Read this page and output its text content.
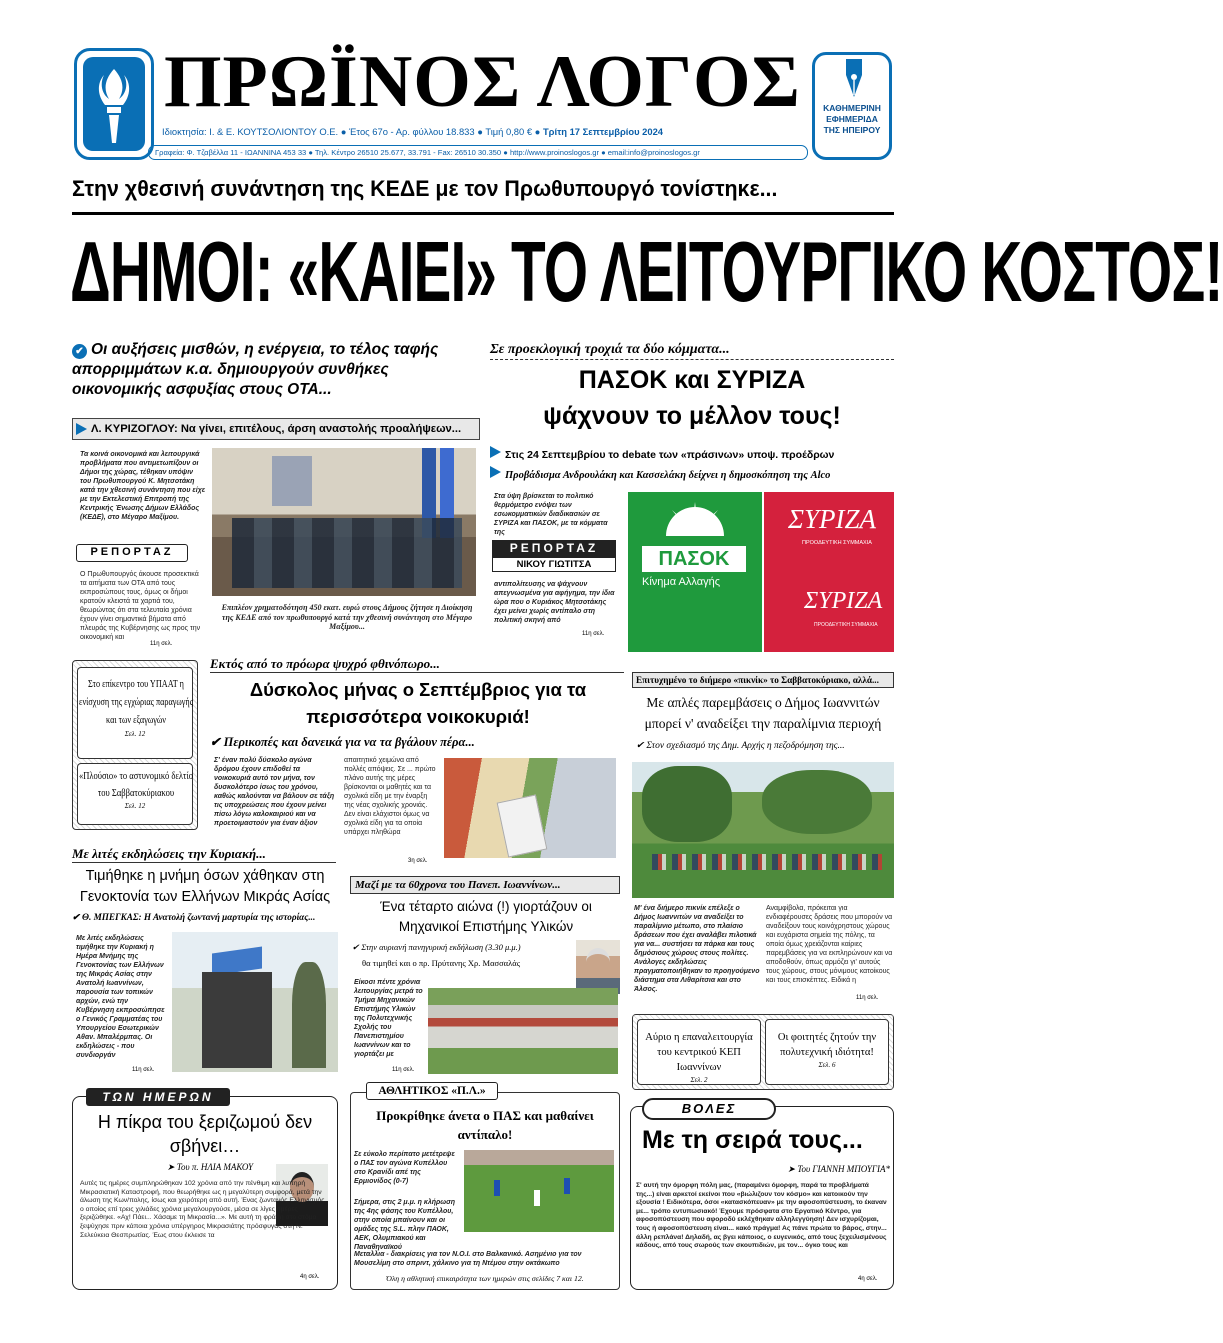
ΠΡΩΪΝΟΣ ΛΟΓΟΣ
Ιδιοκτησία: Ι. & Ε. ΚΟΥΤΣΟΛΙΟΝΤΟΥ Ο.Ε. ● Έτος 67ο - Αρ. φύλλου 18.833 ● Τιμή 0,80 € ● Τρίτη 17 Σεπτεμβρίου 2024
Γραφεία: Φ. Τζαβέλλα 11 - ΙΩΑΝΝΙΝΑ 453 33 ● Τηλ. Κέντρο 26510 25.677, 33.791 - Fax: 26510 30.350 ● http://www.proinoslogos.gr ● email:info@proinoslogos.gr
ΚΑΘΗΜΕΡΙΝΗ ΕΦΗΜΕΡΙΔΑ ΤΗΣ ΗΠΕΙΡΟΥ
Στην χθεσινή συνάντηση της ΚΕΔΕ με τον Πρωθυπουργό τονίστηκε...
ΔΗΜΟΙ: «ΚΑΙΕΙ» ΤΟ ΛΕΙΤΟΥΡΓΙΚΟ ΚΟΣΤΟΣ!
✔ Οι αυξήσεις μισθών, η ενέργεια, το τέλος ταφής απορριμμάτων κ.α. δημιουργούν συνθήκες οικονομικής ασφυξίας στους ΟΤΑ...
Λ. ΚΥΡΙΖΟΓΛΟΥ: Να γίνει, επιτέλους, άρση αναστολής προαλήψεων...
Τα κοινά οικονομικά και λειτουργικά προβλήματα που αντιμετωπίζουν οι Δήμοι της χώρας, τέθηκαν υπόψιν του Πρωθυπουργού Κ. Μητσοτάκη κατά την χθεσινή συνάντηση που είχε με την Εκτελεστική Επιτροπή της Κεντρικής Ένωσης Δήμων Ελλάδος (ΚΕΔΕ), στο Μέγαρο Μαξίμου.
ΡΕΠΟΡΤΑΖ
Ο Πρωθυπουργός άκουσε προσεκτικά τα αιτήματα των ΟΤΑ από τους εκπροσώπους τους, όμως οι δήμοι κρατούν κλειστά τα χαρτιά του, θεωρώντας ότι στα τελευταία χρόνια έχουν γίνει σημαντικά βήματα από πλευράς της Κυβέρνησης ως προς την οικονομική και
11η σελ.
Επιπλέον χρηματοδότηση 450 εκατ. ευρώ στους Δήμους ζήτησε η Διοίκηση της ΚΕΔΕ από τον πρωθυπουργό κατά την χθεσινή συνάντηση στο Μέγαρο Μαξίμου...
Σε προεκλογική τροχιά τα δύο κόμματα...
ΠΑΣΟΚ και ΣΥΡΙΖΑ
ψάχνουν το μέλλον τους!
Στις 24 Σεπτεμβρίου το debate των «πράσινων» υποψ. προέδρων
Προβάδισμα Ανδρουλάκη και Κασσελάκη δείχνει η δημοσκόπηση της Alco
Στα ύψη βρίσκεται το πολιτικό θερμόμετρο ενόψει των εσωκομματικών διαδικασιών σε ΣΥΡΙΖΑ και ΠΑΣΟΚ, με τα κόμματα της
ΡΕΠΟΡΤΑΖ
ΝΙΚΟΥ ΓΙΩΤΙΤΣΑ
αντιπολίτευσης να ψάχνουν απεγνωσμένα για αφήγημα, την ίδια ώρα που ο Κυριάκος Μητσοτάκης έχει μείνει χωρίς αντίπαλο στη πολιτική σκηνή από
11η σελ.
ΠΑΣΟΚ
Κίνημα Αλλαγής
ΣΥΡΙΖΑ
ΠΡΟΟΔΕΥΤΙΚΗ ΣΥΜΜΑΧΙΑ
ΣΥΡΙΖΑ
ΠΡΟΟΔΕΥΤΙΚΗ ΣΥΜΜΑΧΙΑ
Στο επίκεντρο του ΥΠΑΑΤ η ενίσχυση της εγχώριας παραγωγής και των εξαγωγών
Σελ. 12
«Πλούσιο» το αστυνομικό δελτίο του Σαββατοκύριακου
Σελ. 12
Εκτός από το πρόωρα ψυχρό φθινόπωρο...
Δύσκολος μήνας ο Σεπτέμβριος για τα περισσότερα νοικοκυριά!
✔ Περικοπές και δανεικά για να τα βγάλουν πέρα...
Σ' έναν πολύ δύσκολο αγώνα δρόμου έχουν επιδοθεί τα νοικοκυριά αυτό τον μήνα, τον δυσκολότερο ίσως του χρόνου, καθώς καλούνται να βάλουν σε τάξη τις υποχρεώσεις που έχουν μείνει πίσω λόγω καλοκαιριού και να προετοιμαστούν για έναν άξιον
απαιτητικό χειμώνα από πολλές απόψεις. Σε ... πρώτο πλάνο αυτής της μέρες βρίσκονται οι μαθητές και τα σχολικά είδη με την έναρξη της νέας σχολικής χρονιάς. Δεν είναι ελάχιστοι όμως να σχολικά είδη για τα οποία υπάρχει πληθώρα
3η σελ.
Επιτυχημένο το διήμερο «πικνίκ» το Σαββατοκύριακο, αλλά...
Με απλές παρεμβάσεις ο Δήμος Ιωαννιτών μπορεί ν' αναδείξει την παραλίμνια περιοχή
✔ Στον σχεδιασμό της Δημ. Αρχής η πεζοδρόμηση της...
Μ' ένα διήμερο πικνίκ επέλεξε ο Δήμος Ιωαννιτών να αναδείξει το παραλίμνιο μέτωπο, στο πλαίσιο δράσεων που έχει αναλάβει πιλοτικά για να... συστήσει τα πάρκα και τους δημόσιους χώρους στους πολίτες. Ανάλογες εκδηλώσεις πραγματοποιήθηκαν το προηγούμενο διάστημα στα Λιθαρίτσια και στο Άλσος.
Αναμφίβολα, πρόκειται για ενδιαφέρουσες δράσεις που μπορούν να αναδείξουν τους κοινόχρηστους χώρους και ευχάριστα σημεία της πόλης, τα οποία όμως χρειάζονται καίριες παρεμβάσεις για να εκπληρώνουν και να αποδοθούν, όπως αρμόζει γι' αυτούς τους χώρους, στους μόνιμους κατοίκους και τους επισκέπτες. Ειδικά η
11η σελ.
Με λιτές εκδηλώσεις την Κυριακή...
Τιμήθηκε η μνήμη όσων χάθηκαν στη Γενοκτονία των Ελλήνων Μικράς Ασίας
✔ Θ. ΜΠΕΓΚΑΣ: Η Ανατολή ζωντανή μαρτυρία της ιστορίας...
Με λιτές εκδηλώσεις τιμήθηκε την Κυριακή η Ημέρα Μνήμης της Γενοκτονίας των Ελλήνων της Μικράς Ασίας στην Ανατολή Ιωαννίνων, παρουσία των τοπικών αρχών, ενώ την Κυβέρνηση εκπροσώπησε ο Γενικός Γραμματέας του Υπουργείου Εσωτερικών Αθαν. Μπαλέρμπας. Οι εκδηλώσεις - που συνδιοργάν
11η σελ.
Μαζί με τα 60χρονα του Πανεπ. Ιωαννίνων...
Ένα τέταρτο αιώνα (!) γιορτάζουν οι Μηχανικοί Επιστήμης Υλικών
✔ Στην αυριανή πανηγυρική εκδήλωση (3.30 μ.μ.)
θα τιμηθεί και ο πρ. Πρύτανης Χρ. Μασσαλάς
Είκοσι πέντε χρόνια λειτουργίας μετρά το Τμήμα Μηχανικών Επιστήμης Υλικών της Πολυτεχνικής Σχολής του Πανεπιστημίου Ιωαννίνων και το γιορτάζει με
11η σελ.
Αύριο η επαναλειτουργία του κεντρικού ΚΕΠ Ιωαννίνων
Σελ. 2
Οι φοιτητές ζητούν την πολυτεχνική ιδιότητα!
Σελ. 6
ΤΩΝ ΗΜΕΡΩΝ
Η πίκρα του ξεριζωμού δεν σβήνει…
➤ Του π. ΗΛΙΑ ΜΑΚΟΥ
Αυτές τις ημέρες συμπληρώθηκαν 102 χρόνια από την πένθιμη και λυπηρή Μικρασιατική Καταστροφή, που θεωρήθηκε ως η μεγαλύτερη συμφορά, μετά την άλωση της Κων/πολης, ίσως και χειρότερη από αυτή. Ένας ζωντανός Ελληνισμός, ο οποίος επί τρεις χιλιάδες χρόνια μεγαλουργούσε, μέσα σε λίγες ημέρες ξεριζώθηκε. «Αχ! Πάει... Χάσαμε τη Μικρασία...». Με αυτή τη φράση στο στόμα ξεψύχησε πριν κάποια χρόνια υπέργηρος Μικρασιάτης πρόσφυγας στη Ν. Σελεύκεια Θεσπρωτίας. Έως στου έκλεισε τα
4η σελ.
ΑΘΛΗΤΙΚΟΣ «Π.Λ.»
Προκρίθηκε άνετα ο ΠΑΣ και μαθαίνει αντίπαλο!
Σε εύκολο περίπατο μετέτρεψε ο ΠΑΣ τον αγώνα Κυπέλλου στο Κρανίδι απέ της Ερμιονίδος (0-7)
Σήμερα, στις 2 μ.μ. η κλήρωση της 4ης φάσης του Κυπέλλου, στην οποία μπαίνουν και οι ομάδες της S.L. πλην ΠΑΟΚ, ΑΕΚ, Ολυμπιακού και Παναθηναϊκού
Μεταλλια - διακρίσεις για τον Ν.Ο.Ι. στο Βαλκανικό. Ασημένιο για τον Μουσελίμη στο σπριντ, χάλκινο για τη Ντέμου στην οκτάκωπο
Όλη η αθλητική επικαιρότητα των ημερών στις σελίδες 7 και 12.
ΒΟΛΕΣ
Με τη σειρά τους...
➤ Του ΓΙΑΝΝΗ ΜΠΟΥΓΙΑ*
Σ' αυτή την όμορφη πόλη μας, (παραμένει όμορφη, παρά τα προβλήματά της...) είναι αρκετοί εκείνοι που «βιώλιζουν τον κόσμο» και κατοικούν την εξουσία ! Ειδικότερα, όσοι «κατασκόπευαν» με την αφοσοπύστευση, το έκαναν με... τρόπο εντυπωσιακό! Έχουμε πρόσφατα στο Εργατικό Κέντρο, για αφοσοπύστευση που αφοροδύ εκλέχθηκαν αλληλεγγύηση! Δεν ισχυρίζομαι, τους ή αφοσοπύστευση είναι... κακό πράγμα! Ας πάνε πρώτα το βάρος, στην... άλλη ρεπλάνα! Δηλαδή, ας βγει κάποιος, ο ευγενικός, από τους ξεχειλισμένους κάδους, από τους σωρούς των σκουπιδιών, με τον... όγκο τους και
4η σελ.
